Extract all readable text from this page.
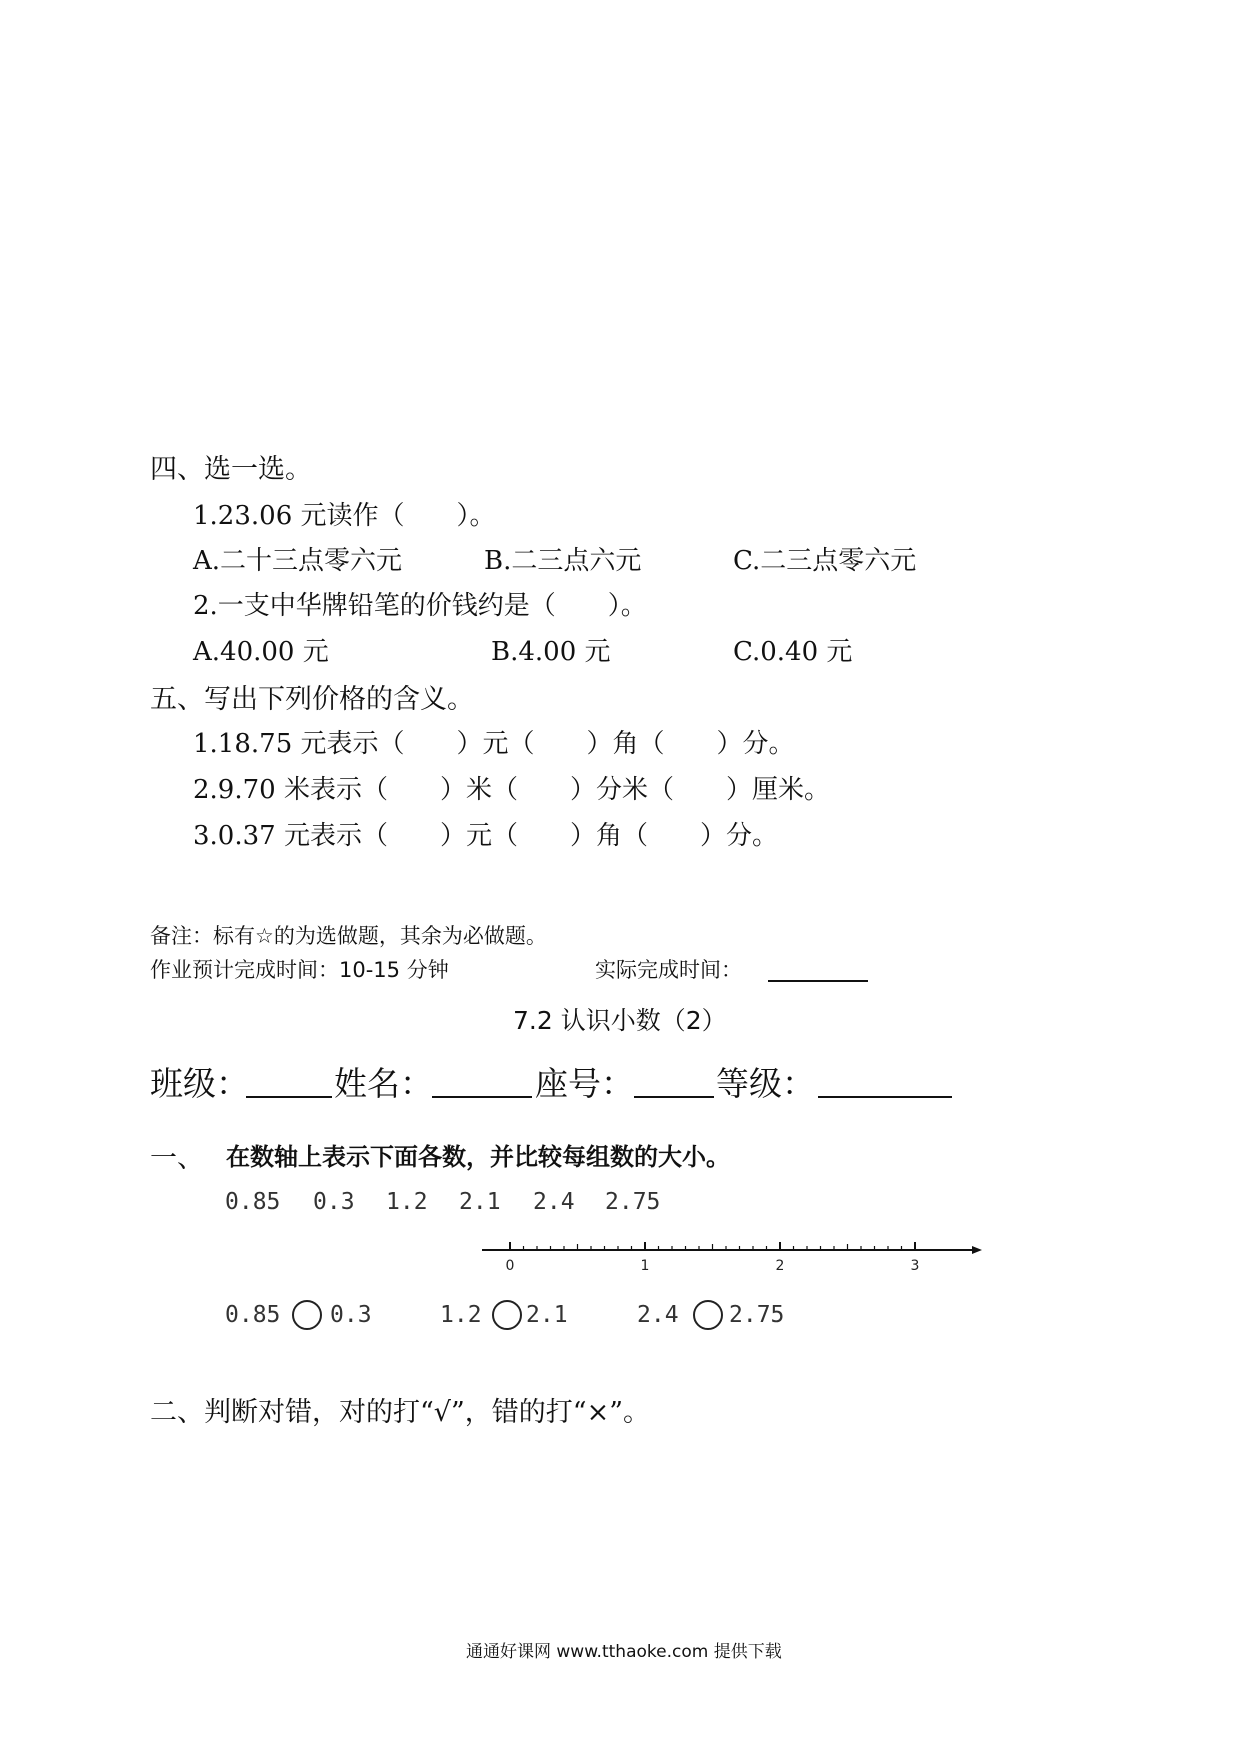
四、选一选。
1.23.06 元读作（　　）。
A.二十三点零六元	B.二三点六元	C.二三点零六元
2.一支中华牌铅笔的价钱约是（　　）。
A.40.00 元	B.4.00 元	C.0.40 元
五、写出下列价格的含义。
1.18.75 元表示（　　）元（　　）角（　　）分。
2.9.70 米表示（　　）米（　　）分米（　　）厘米。
3.0.37 元表示（　　）元（　　）角（　　）分。
备注：标有☆的为选做题，其余为必做题。
作业预计完成时间：10-15 分钟	实际完成时间：
7.2 认识小数（2）
班级：	姓名：	座号： 等级：
一、 在数轴上表示下面各数，并比较每组数的大小。
0.85 0.3 1.2 2.1 2.4 2.75
0	1	2	3
0.85 0.3	1.2 2.1	2.4 2.75
二、判断对错，对的打“√”，错的打“×”。
通通好课网 www.tthaoke.com 提供下载
